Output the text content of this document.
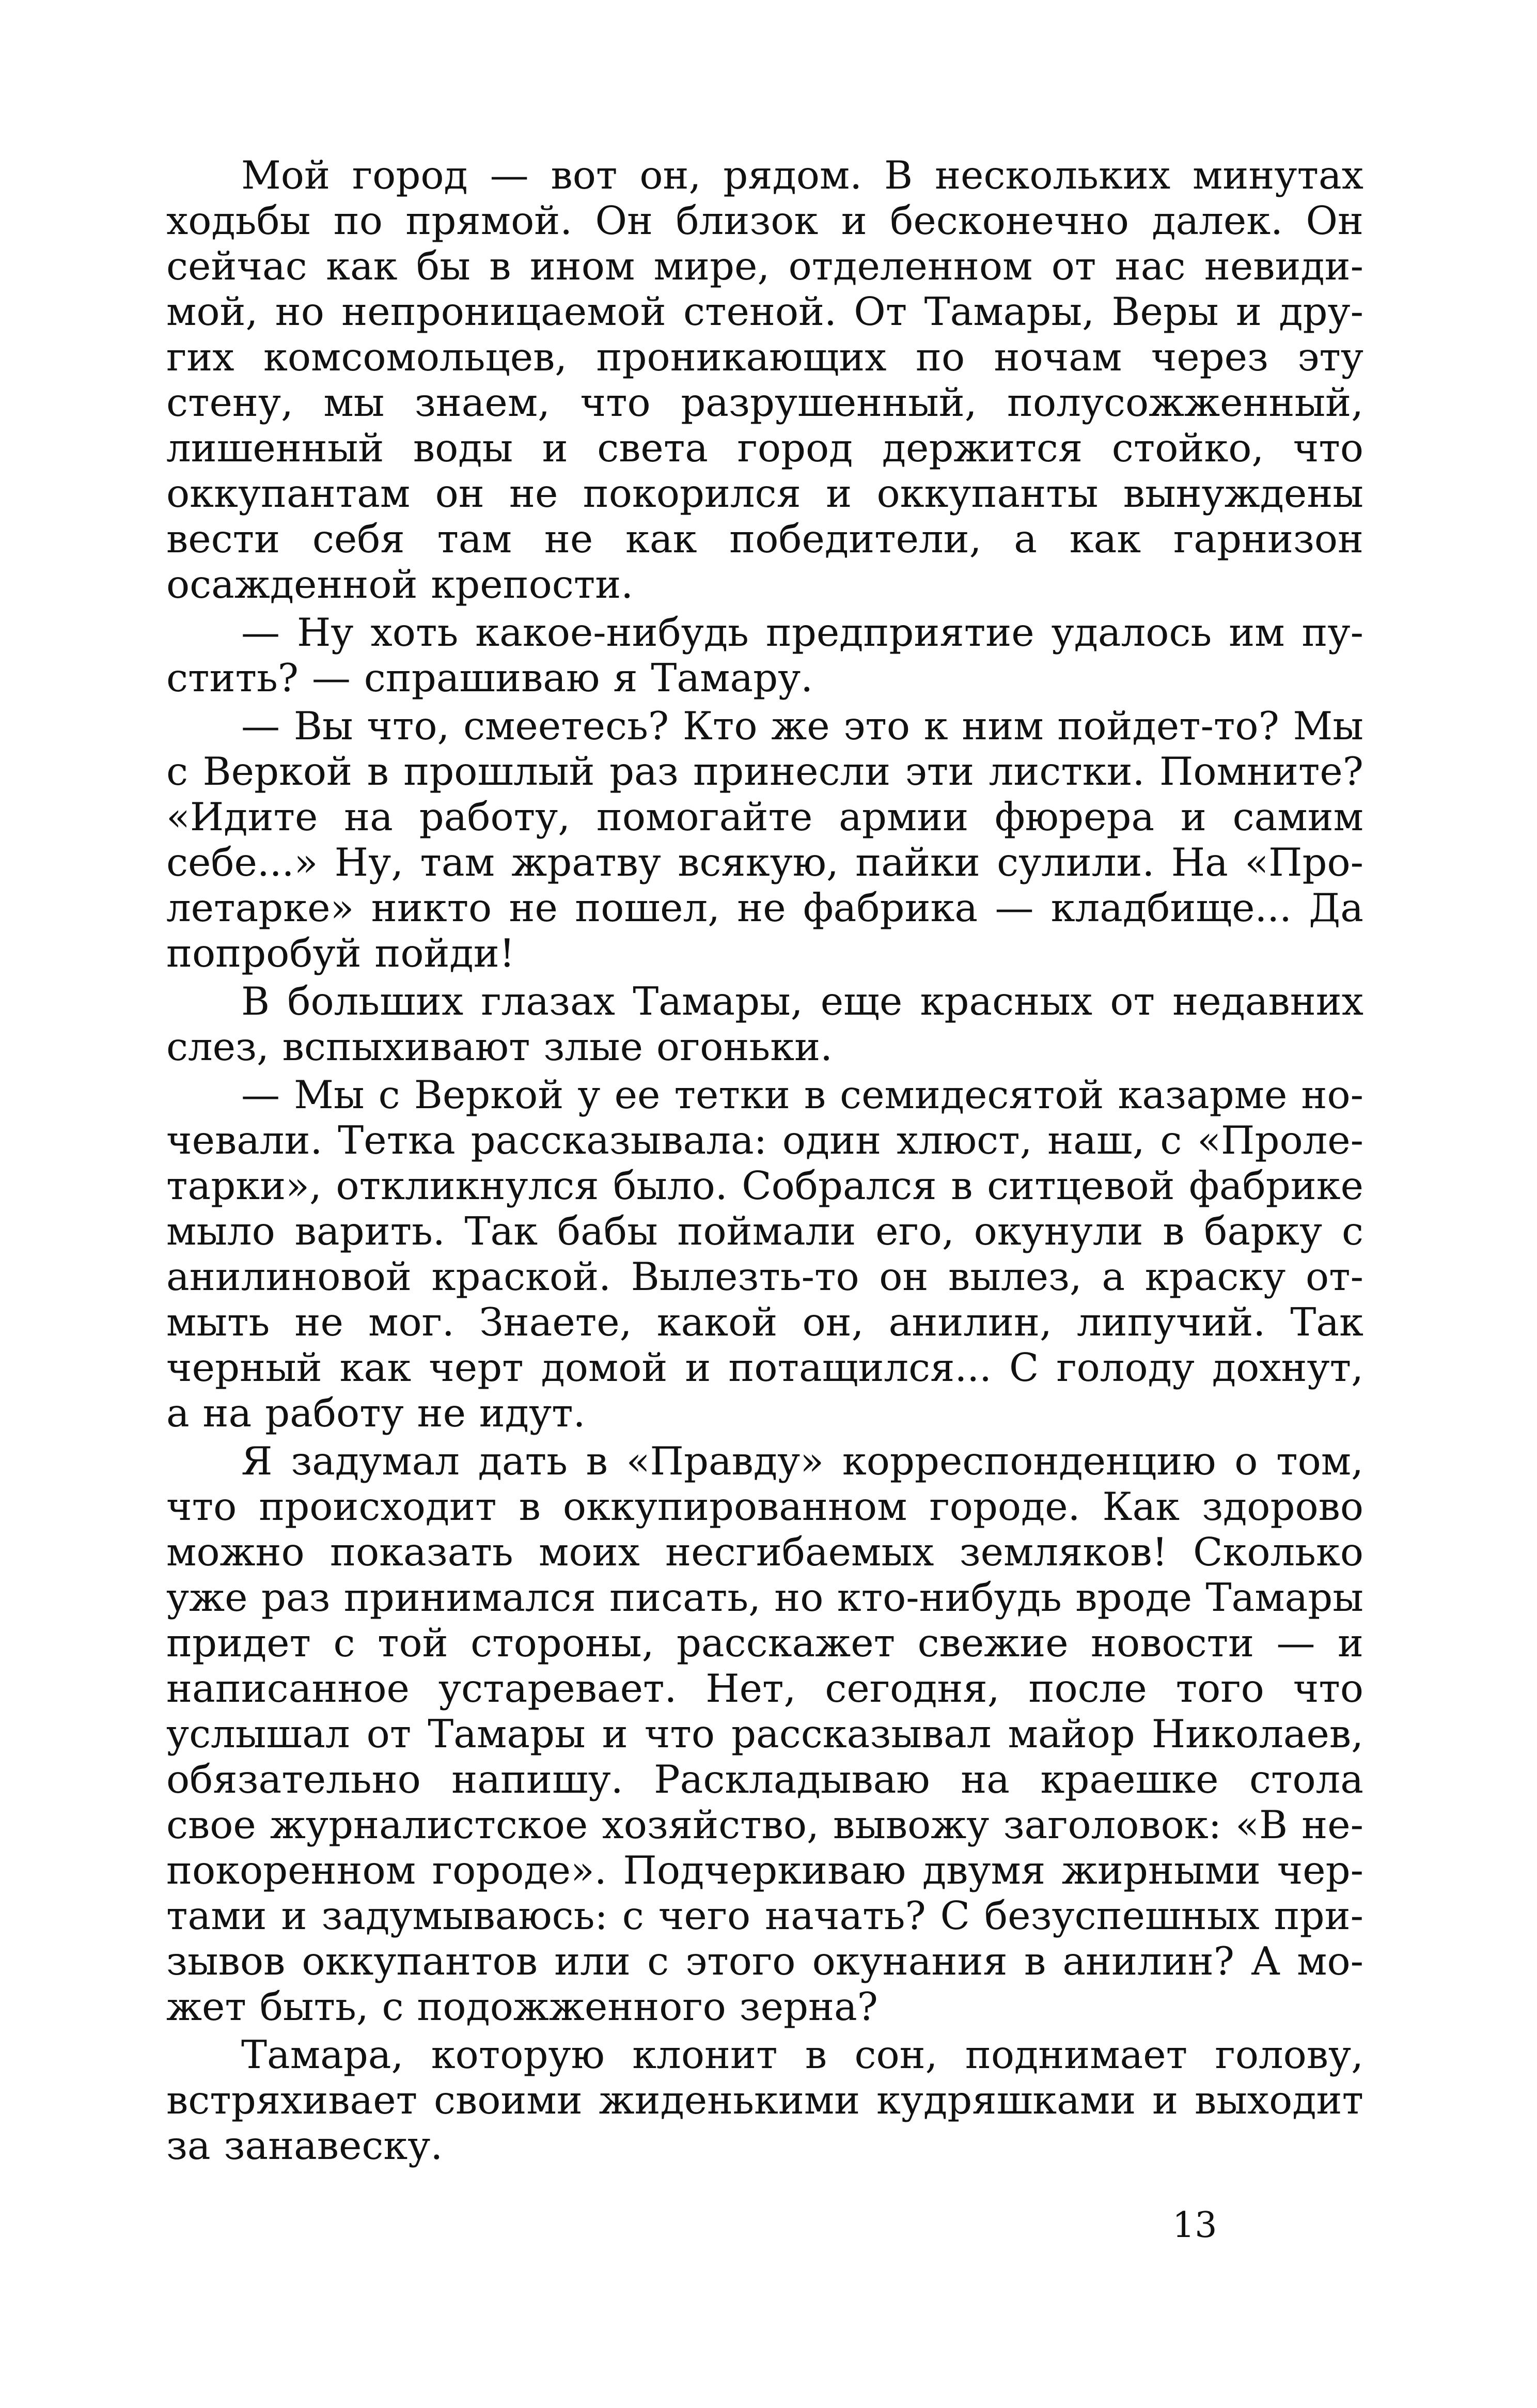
Мой город — вот он, рядом. В нескольких минутах ходьбы по прямой. Он близок и бесконечно далек. Он сейчас как бы в ином мире, отделенном от нас невидимой, но непроницаемой стеной. От Тамары, Веры и других комсомольцев, проникающих по ночам через эту стену, мы знаем, что разрушенный, полусожженный, лишенный воды и света город держится стойко, что оккупантам он не покорился и оккупанты вынуждены вести себя там не как победители, а как гарнизон осажденной крепости.

— Ну хоть какое-нибудь предприятие удалось им пустить? — спрашиваю я Тамару.

— Вы что, смеетесь? Кто же это к ним пойдет-то? Мы с Веркой в прошлый раз принесли эти листки. Помните? «Идите на работу, помогайте армии фюрера и самим себе...» Ну, там жратву всякую, пайки сулили. На «Пролетарке» никто не пошел, не фабрика — кладбище... Да попробуй пойди!

В больших глазах Тамары, еще красных от недавних слез, вспыхивают злые огоньки.

— Мы с Веркой у ее тетки в семидесятой казарме ночевали. Тетка рассказывала: один хлюст, наш, с «Пролетарки», откликнулся было. Собрался в ситцевой фабрике мыло варить. Так бабы поймали его, окунули в барку с анилиновой краской. Вылезть-то он вылез, а краску отмыть не мог. Знаете, какой он, анилин, липучий. Так черный как черт домой и потащился... С голоду дохнут, а на работу не идут.

Я задумал дать в «Правду» корреспонденцию о том, что происходит в оккупированном городе. Как здорово можно показать моих несгибаемых земляков! Сколько уже раз принимался писать, но кто-нибудь вроде Тамары придет с той стороны, расскажет свежие новости — и написанное устаревает. Нет, сегодня, после того что услышал от Тамары и что рассказывал майор Николаев, обязательно напишу. Раскладываю на краешке стола свое журналистское хозяйство, вывожу заголовок: «В непокоренном городе». Подчеркиваю двумя жирными чертами и задумываюсь: с чего начать? С безуспешных призывов оккупантов или с этого окунания в анилин? А может быть, с подожженного зерна?

Тамара, которую клонит в сон, поднимает голову, встряхивает своими жиденькими кудряшками и выходит за занавеску.

13
